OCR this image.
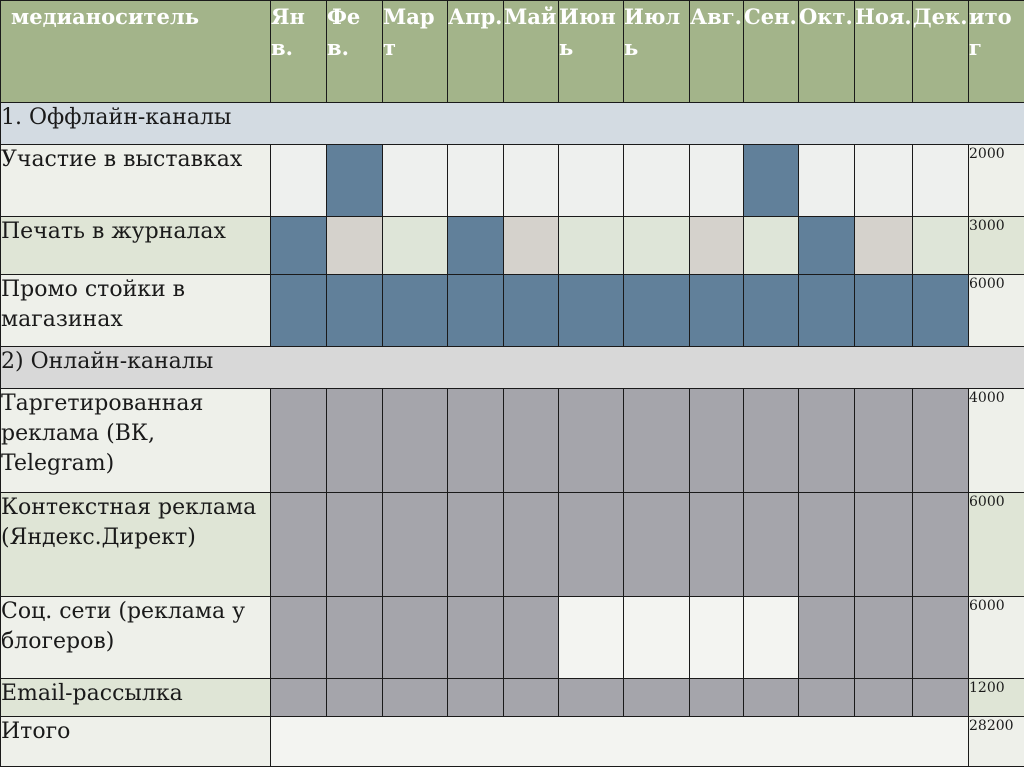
медианоситель	Янв.	Фев.	Март	Апр.	Май	Июнь	Июль	Авг.	Сен.	Окт.	Ноя.	Дек.	итог
1. Оффлайн-каналы													
Участие в выставках													2000
Печать в журналах													3000
Промо стойки в магазинах													6000
2) Онлайн-каналы													
Таргетированная реклама (ВК, Telegram)													4000
Контекстная реклама (Яндекс.Директ)													6000
Соц. сети (реклама у блогеров)													6000
Email-рассылка													1200
Итого													28200
